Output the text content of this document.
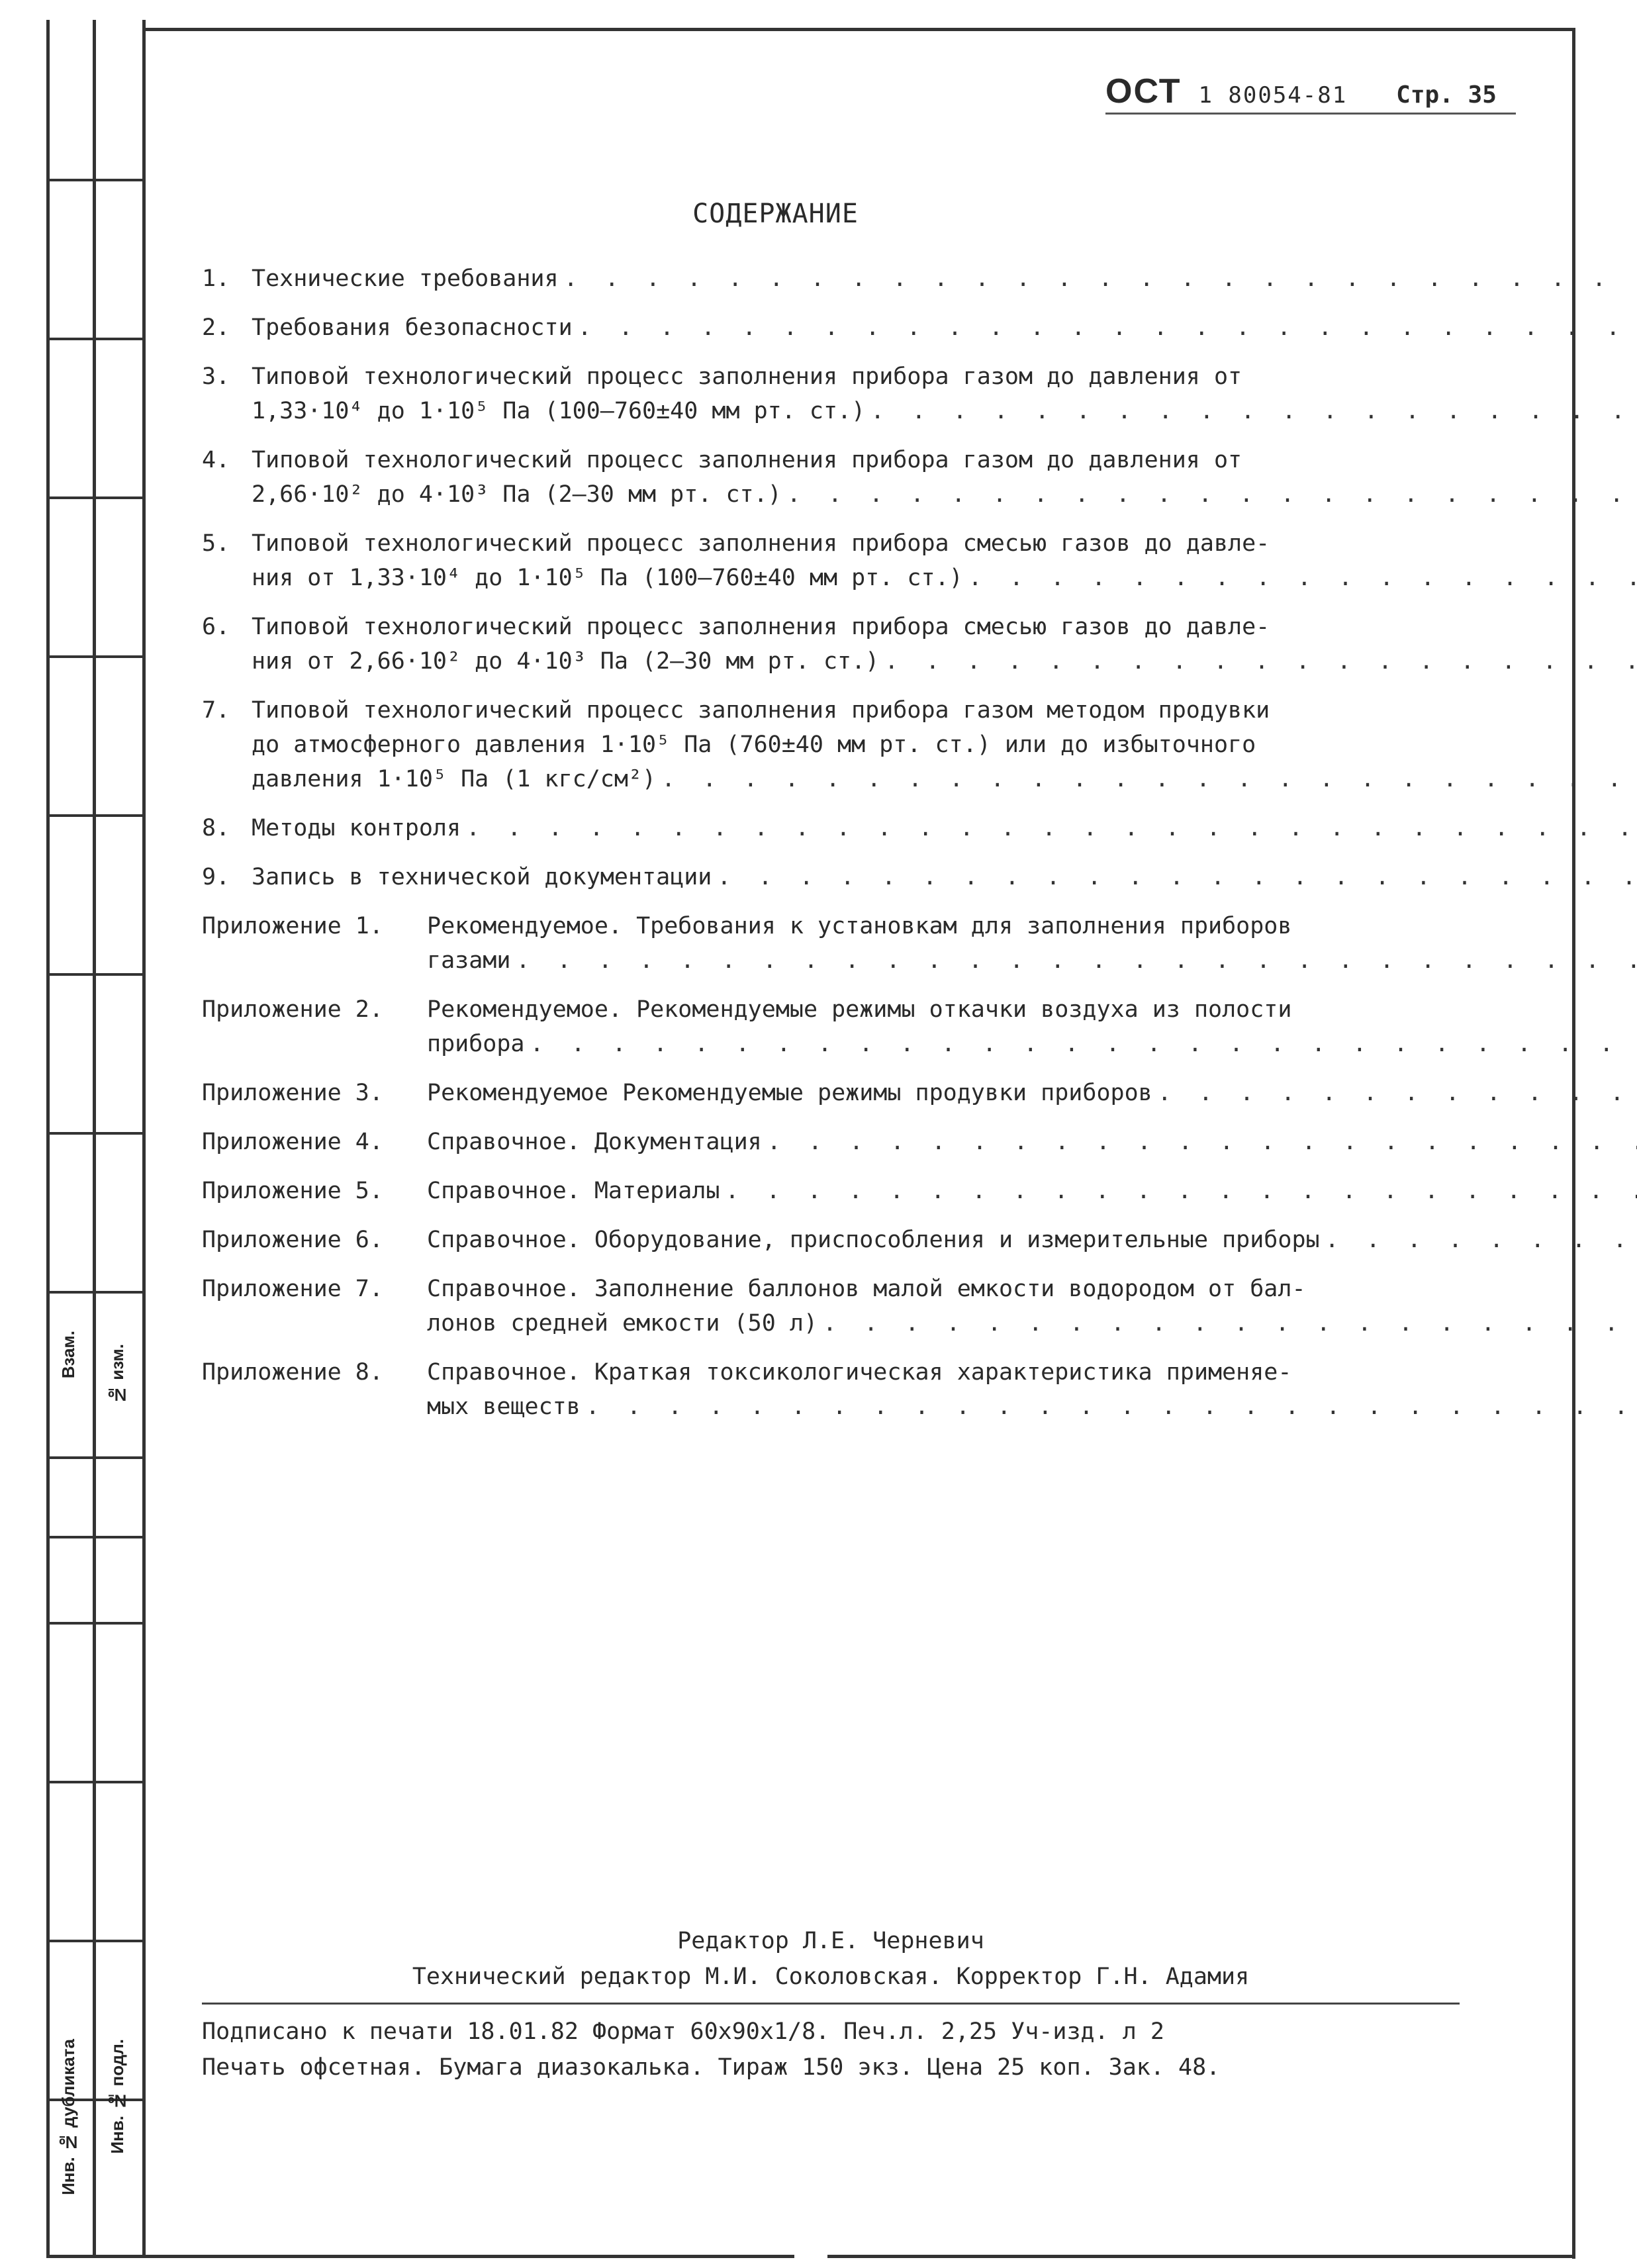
Взам. № изм.
Инв. № дубликата Инв. № подл.
ОСТ 1 80054-81 Стр. 35
СОДЕРЖАНИЕ
1. Технические требования
. . .
2. Требования безопасности
. . .
3. Типовой технологический процесс заполнения прибора газом до давления от
1,33·10⁴ до 1·10⁵ Па (100–760±40 мм рт. ст.)
. . .
4. Типовой технологический процесс заполнения прибора газом до давления от
2,66·10² до 4·10³ Па (2–30 мм рт. ст.)
. . .
5. Типовой технологический процесс заполнения прибора смесью газов до давле-
ния от 1,33·10⁴ до 1·10⁵ Па (100–760±40 мм рт. ст.)
. . .
6. Типовой технологический процесс заполнения прибора смесью газов до давле-
ния от 2,66·10² до 4·10³ Па (2–30 мм рт. ст.)
. . .
7. Типовой технологический процесс заполнения прибора газом методом продувки
до атмосферного давления 1·10⁵ Па (760±40 мм рт. ст.) или до избыточного
давления 1·10⁵ Па (1 кгс/см²)
. . .
8. Методы контроля
. . .
9. Запись в технической документации
. . .
Приложение 1.	Рекомендуемое. Требования к установкам для заполнения приборов
газами
. . .
Приложение 2.	Рекомендуемое. Рекомендуемые режимы откачки воздуха из полости
прибора
. . .
Приложение 3.	Рекомендуемое Рекомендуемые режимы продувки приборов
. . .
Приложение 4.	Справочное. Документация
. . .
Приложение 5.	Справочное. Материалы
. . .
Приложение 6.	Справочное. Оборудование, приспособления и измерительные приборы
. . .
Приложение 7.	Справочное. Заполнение баллонов малой емкости водородом от бал-
лонов средней емкости (50 л)
. . .
Приложение 8.	Справочное. Краткая токсикологическая характеристика применяе-
мых веществ
. . .
Редактор Л.Е. Черневич
Технический редактор М.И. Соколовская. Корректор Г.Н. Адамия
Подписано к печати 18.01.82 Формат 60x90x1/8. Печ.л. 2,25 Уч-изд. л 2
Печать офсетная. Бумага диазокалька. Тираж 150 экз. Цена 25 коп. Зак. 48.
